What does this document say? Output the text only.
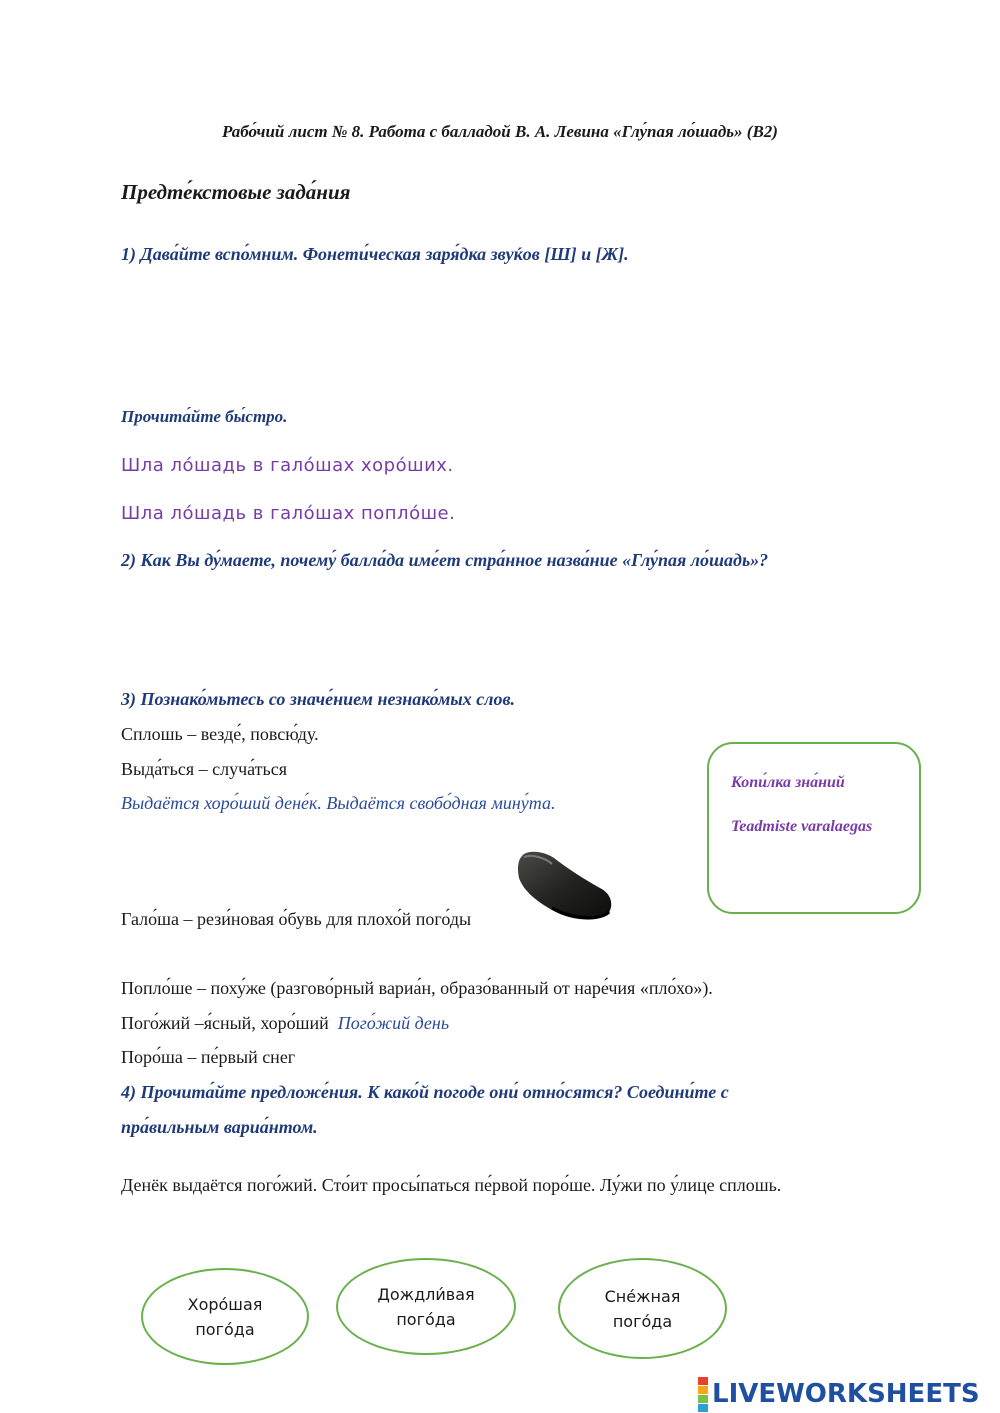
Рабо́чий лист № 8. Работа с балладой В. А. Левина «Глу́пая ло́шадь» (В2)
Предте́кстовые зада́ния
1) Дава́йте вспо́мним. Фонети́ческая заря́дка звуќов [Ш] и [Ж].
Прочита́йте бы́стро.
Шла ло́шадь в гало́шах хоро́ших.
Шла ло́шадь в гало́шах попло́ше.
2) Как Вы ду́маете, почему́ балла́да име́ет стра́нное назва́ние «Глу́пая ло́шадь»?
3) Познако́мьтесь со значе́нием незнако́мых слов.
Сплошь – везде́, повсю́ду.
Выда́ться – случа́ться
Выдаётся хоро́ший дене́к. Выдаётся свобо́дная мину́та.
Гало́ша – рези́новая о́бувь для плохо́й пого́ды
Попло́ше – поху́же (разгово́рный вариа́н, образо́ванный от наре́чия «пло́хо»).
Пого́жий –я́сный, хоро́ший Пого́жий день
Поро́ша – пе́рвый снег
Копи́лка зна́ний
Teadmiste varalaegas
4) Прочита́йте предложе́ния. К како́й погоде они́ отно́сятся? Соедини́те с
пра́вильным вариа́нтом.
Денёк выдаётся пого́жий. Сто́ит просы́паться пе́рвой поро́ше. Лу́жи по у́лице сплошь.
Хоро́шая
пого́да
Дождли́вая
пого́да
Сне́жная
пого́да
LIVEWORKSHEETS
